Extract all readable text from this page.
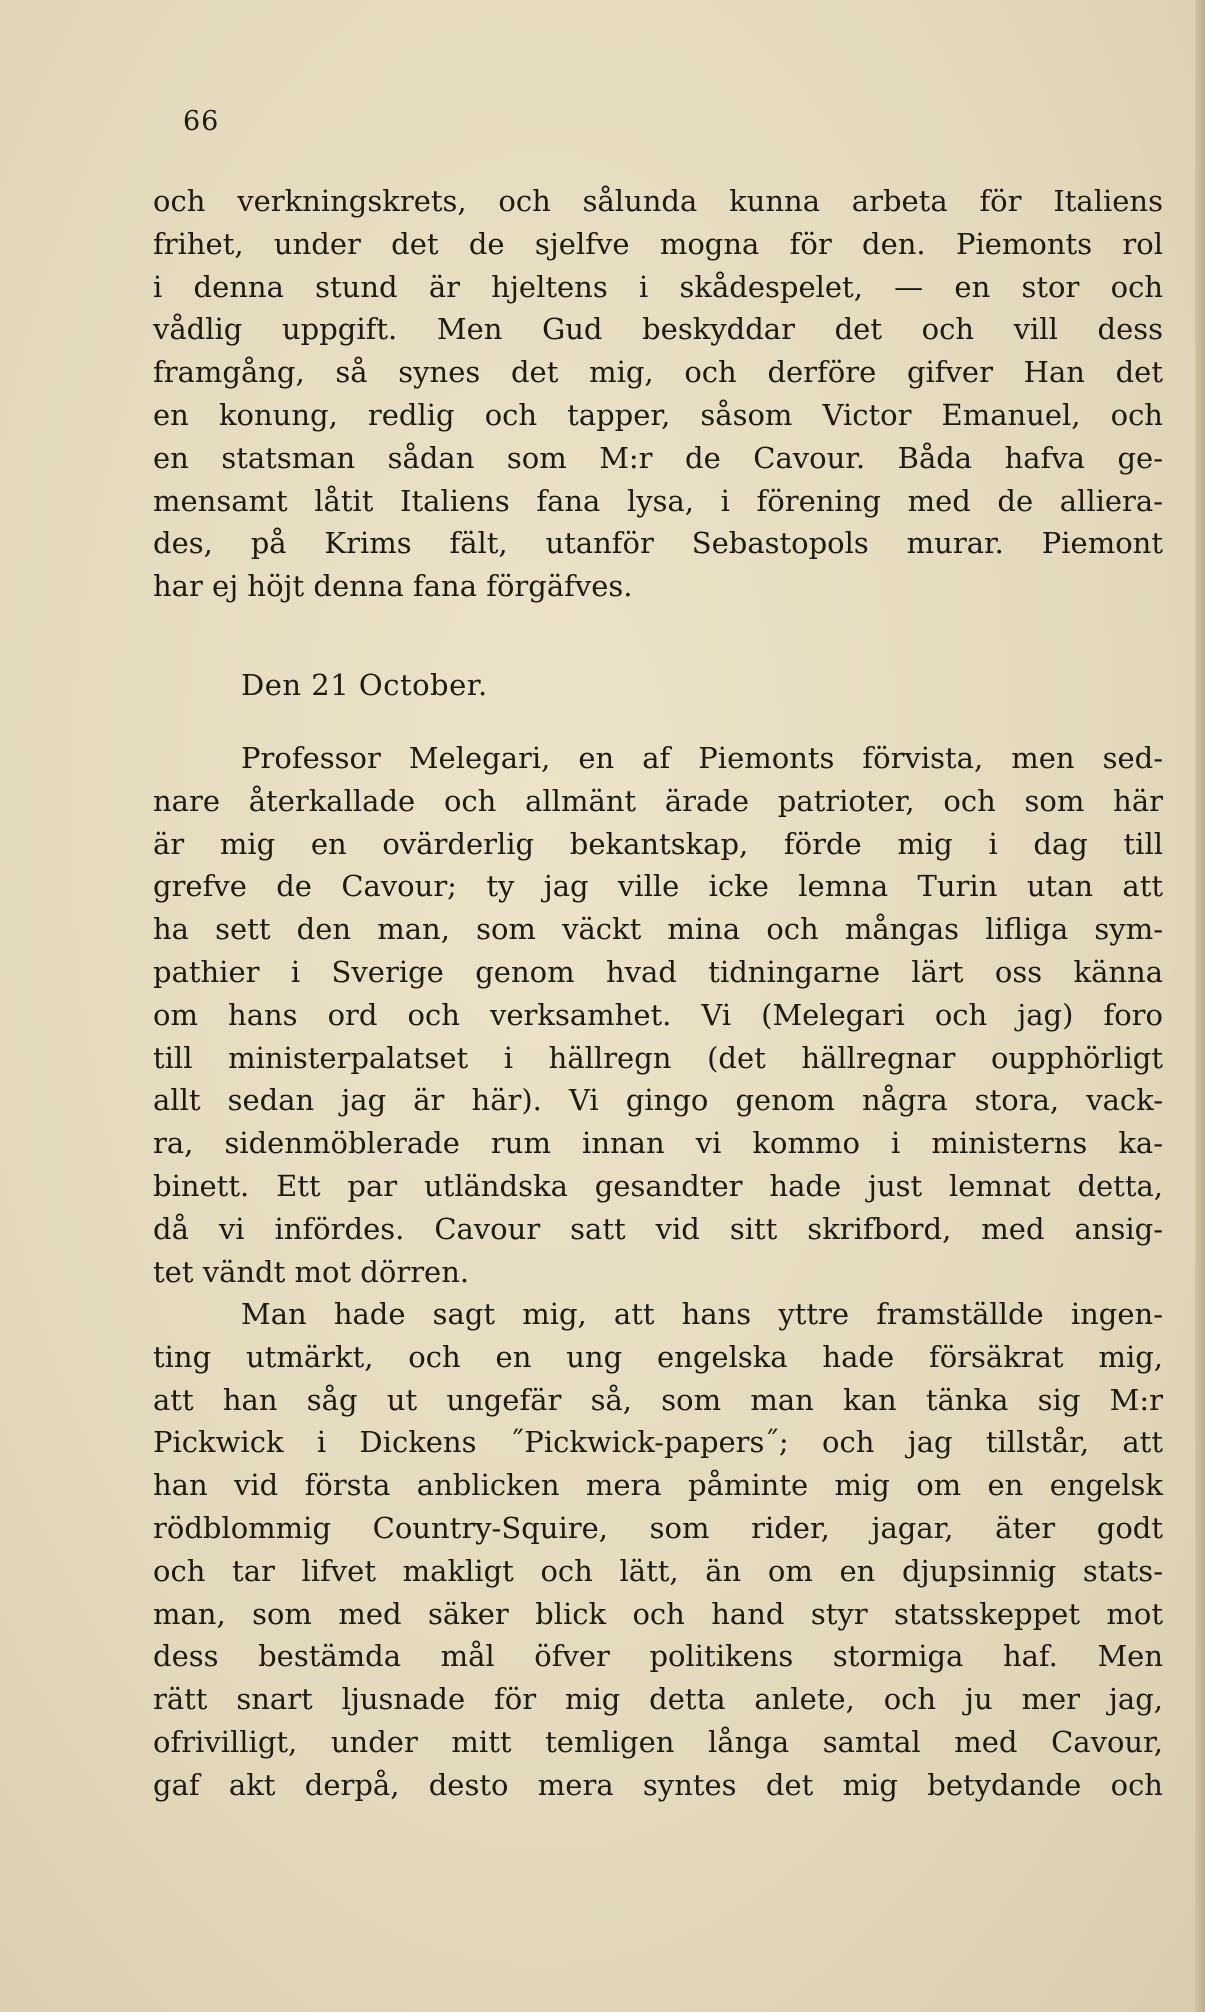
66
och verkningskrets, och sålunda kunna arbeta för Italiens
frihet, under det de sjelfve mogna för den. Piemonts rol
i denna stund är hjeltens i skådespelet, — en stor och
vådlig uppgift. Men Gud beskyddar det och vill dess
framgång, så synes det mig, och derföre gifver Han det
en konung, redlig och tapper, såsom Victor Emanuel, och
en statsman sådan som M:r de Cavour. Båda hafva ge-
mensamt låtit Italiens fana lysa, i förening med de alliera-
des, på Krims fält, utanför Sebastopols murar. Piemont
har ej höjt denna fana förgäfves.
Den 21 October.
Professor Melegari, en af Piemonts förvista, men sed-
nare återkallade och allmänt ärade patrioter, och som här
är mig en ovärderlig bekantskap, förde mig i dag till
grefve de Cavour; ty jag ville icke lemna Turin utan att
ha sett den man, som väckt mina och mångas lifliga sym-
pathier i Sverige genom hvad tidningarne lärt oss känna
om hans ord och verksamhet. Vi (Melegari och jag) foro
till ministerpalatset i hällregn (det hällregnar oupphörligt
allt sedan jag är här). Vi gingo genom några stora, vack-
ra, sidenmöblerade rum innan vi kommo i ministerns ka-
binett. Ett par utländska gesandter hade just lemnat detta,
då vi infördes. Cavour satt vid sitt skrifbord, med ansig-
tet vändt mot dörren.
Man hade sagt mig, att hans yttre framställde ingen-
ting utmärkt, och en ung engelska hade försäkrat mig,
att han såg ut ungefär så, som man kan tänka sig M:r
Pickwick i Dickens ˝Pickwick-papers˝; och jag tillstår, att
han vid första anblicken mera påminte mig om en engelsk
rödblommig Country-Squire, som rider, jagar, äter godt
och tar lifvet makligt och lätt, än om en djupsinnig stats-
man, som med säker blick och hand styr statsskeppet mot
dess bestämda mål öfver politikens stormiga haf. Men
rätt snart ljusnade för mig detta anlete, och ju mer jag,
ofrivilligt, under mitt temligen långa samtal med Cavour,
gaf akt derpå, desto mera syntes det mig betydande och
